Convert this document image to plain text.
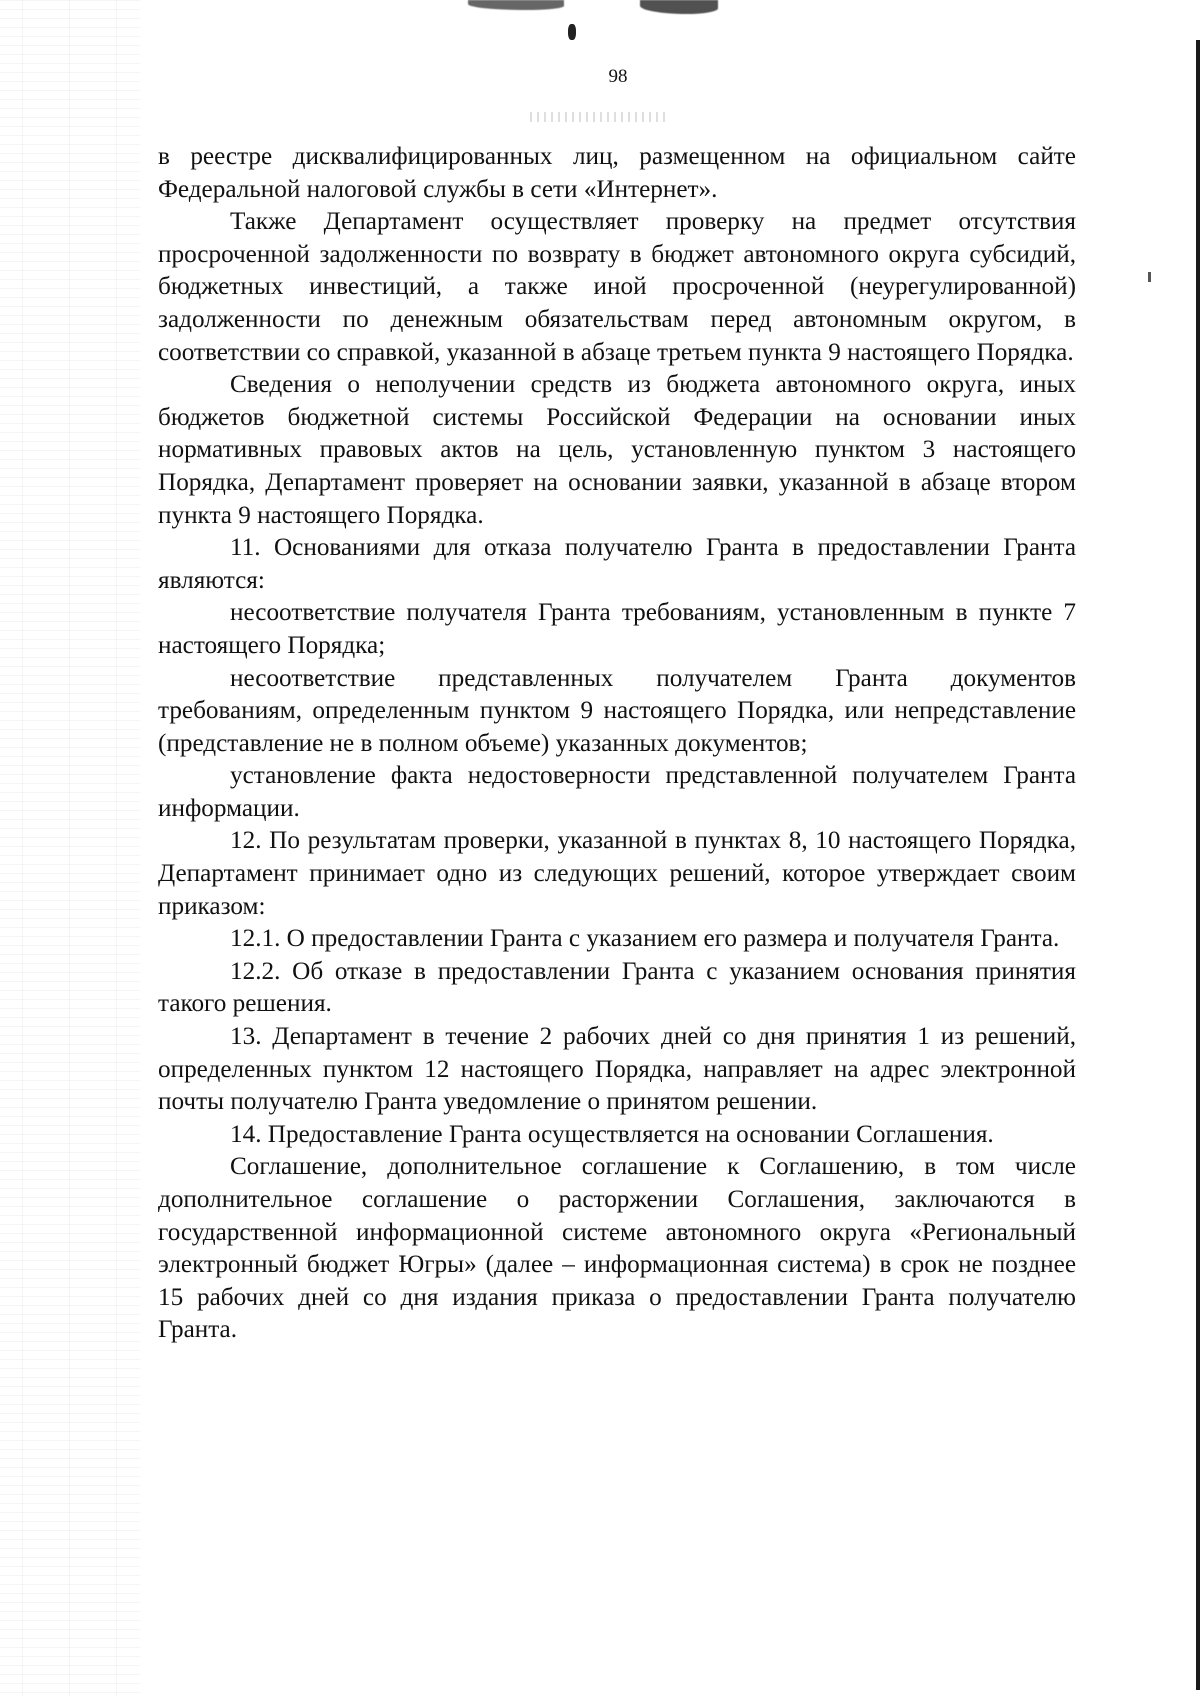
98

в реестре дисквалифицированных лиц, размещенном на официальном сайте Федеральной налоговой службы в сети «Интернет».

Также Департамент осуществляет проверку на предмет отсутствия просроченной задолженности по возврату в бюджет автономного округа субсидий, бюджетных инвестиций, а также иной просроченной (неурегулированной) задолженности по денежным обязательствам перед автономным округом, в соответствии со справкой, указанной в абзаце третьем пункта 9 настоящего Порядка.

Сведения о неполучении средств из бюджета автономного округа, иных бюджетов бюджетной системы Российской Федерации на основании иных нормативных правовых актов на цель, установленную пунктом 3 настоящего Порядка, Департамент проверяет на основании заявки, указанной в абзаце втором пункта 9 настоящего Порядка.

11. Основаниями для отказа получателю Гранта в предоставлении Гранта являются:

несоответствие получателя Гранта требованиям, установленным в пункте 7 настоящего Порядка;

несоответствие представленных получателем Гранта документов требованиям, определенным пунктом 9 настоящего Порядка, или непредставление (представление не в полном объеме) указанных документов;

установление факта недостоверности представленной получателем Гранта информации.

12. По результатам проверки, указанной в пунктах 8, 10 настоящего Порядка, Департамент принимает одно из следующих решений, которое утверждает своим приказом:

12.1. О предоставлении Гранта с указанием его размера и получателя Гранта.

12.2. Об отказе в предоставлении Гранта с указанием основания принятия такого решения.

13. Департамент в течение 2 рабочих дней со дня принятия 1 из решений, определенных пунктом 12 настоящего Порядка, направляет на адрес электронной почты получателю Гранта уведомление о принятом решении.

14. Предоставление Гранта осуществляется на основании Соглашения.

Соглашение, дополнительное соглашение к Соглашению, в том числе дополнительное соглашение о расторжении Соглашения, заключаются в государственной информационной системе автономного округа «Региональный электронный бюджет Югры» (далее – информационная система) в срок не позднее 15 рабочих дней со дня издания приказа о предоставлении Гранта получателю Гранта.
